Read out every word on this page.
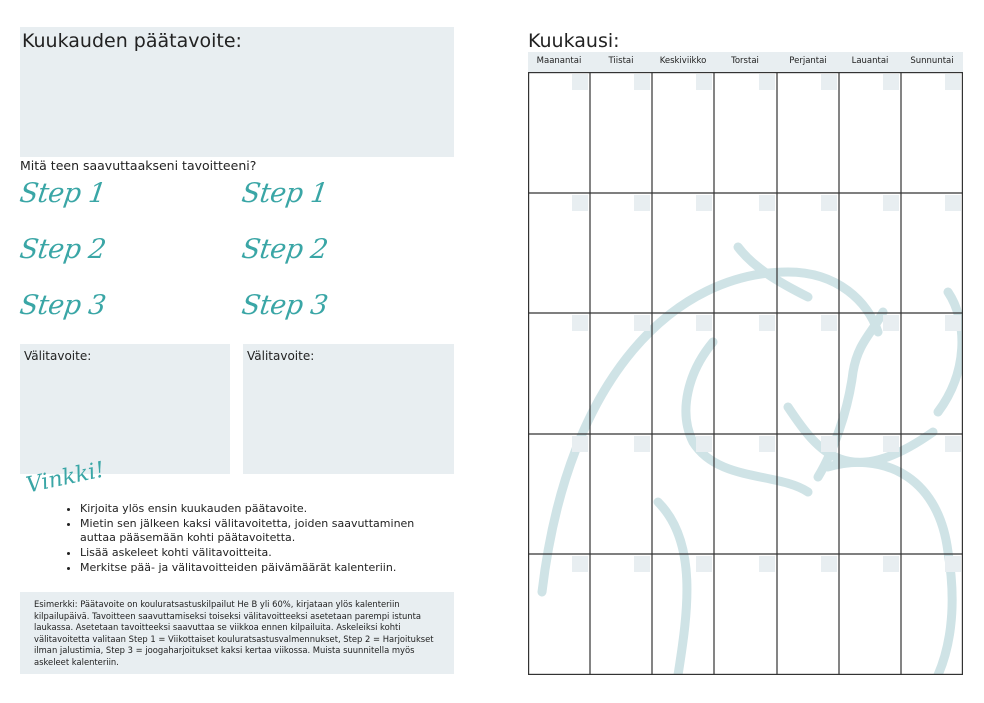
Kuukauden päätavoite:
Mitä teen saavuttaakseni tavoitteeni?
Step 1
Step 2
Step 3
Step 1
Step 2
Step 3
Välitavoite:	Välitavoite:
Vinkki!
• Kirjoita ylös ensin kuukauden päätavoite.
• Mietin sen jälkeen kaksi välitavoitetta, joiden saavuttaminen auttaa pääsemään kohti päätavoitetta.
• Lisää askeleet kohti välitavoitteita.
• Merkitse pää- ja välitavoitteiden päivämäärät kalenteriin.

Esimerkki: Päätavoite on kouluratsastuskilpailut He B yli 60%, kirjataan ylös kalenteriin kilpailupäivä. Tavoitteen saavuttamiseksi toiseksi välitavoitteeksi asetetaan parempi istunta laukassa. Asetetaan tavoitteeksi saavuttaa se viikkoa ennen kilpailuita. Askeleiksi kohti välitavoitetta valitaan Step 1 = Viikottaiset kouluratsastusvalmennukset, Step 2 = Harjoitukset ilman jalustimia, Step 3 = joogaharjoitukset kaksi kertaa viikossa. Muista suunnitella myös askeleet kalenteriin.

Kuukausi:
Maanantai	Tiistai	Keskiviikko	Torstai	Perjantai	Lauantai	Sunnuntai
